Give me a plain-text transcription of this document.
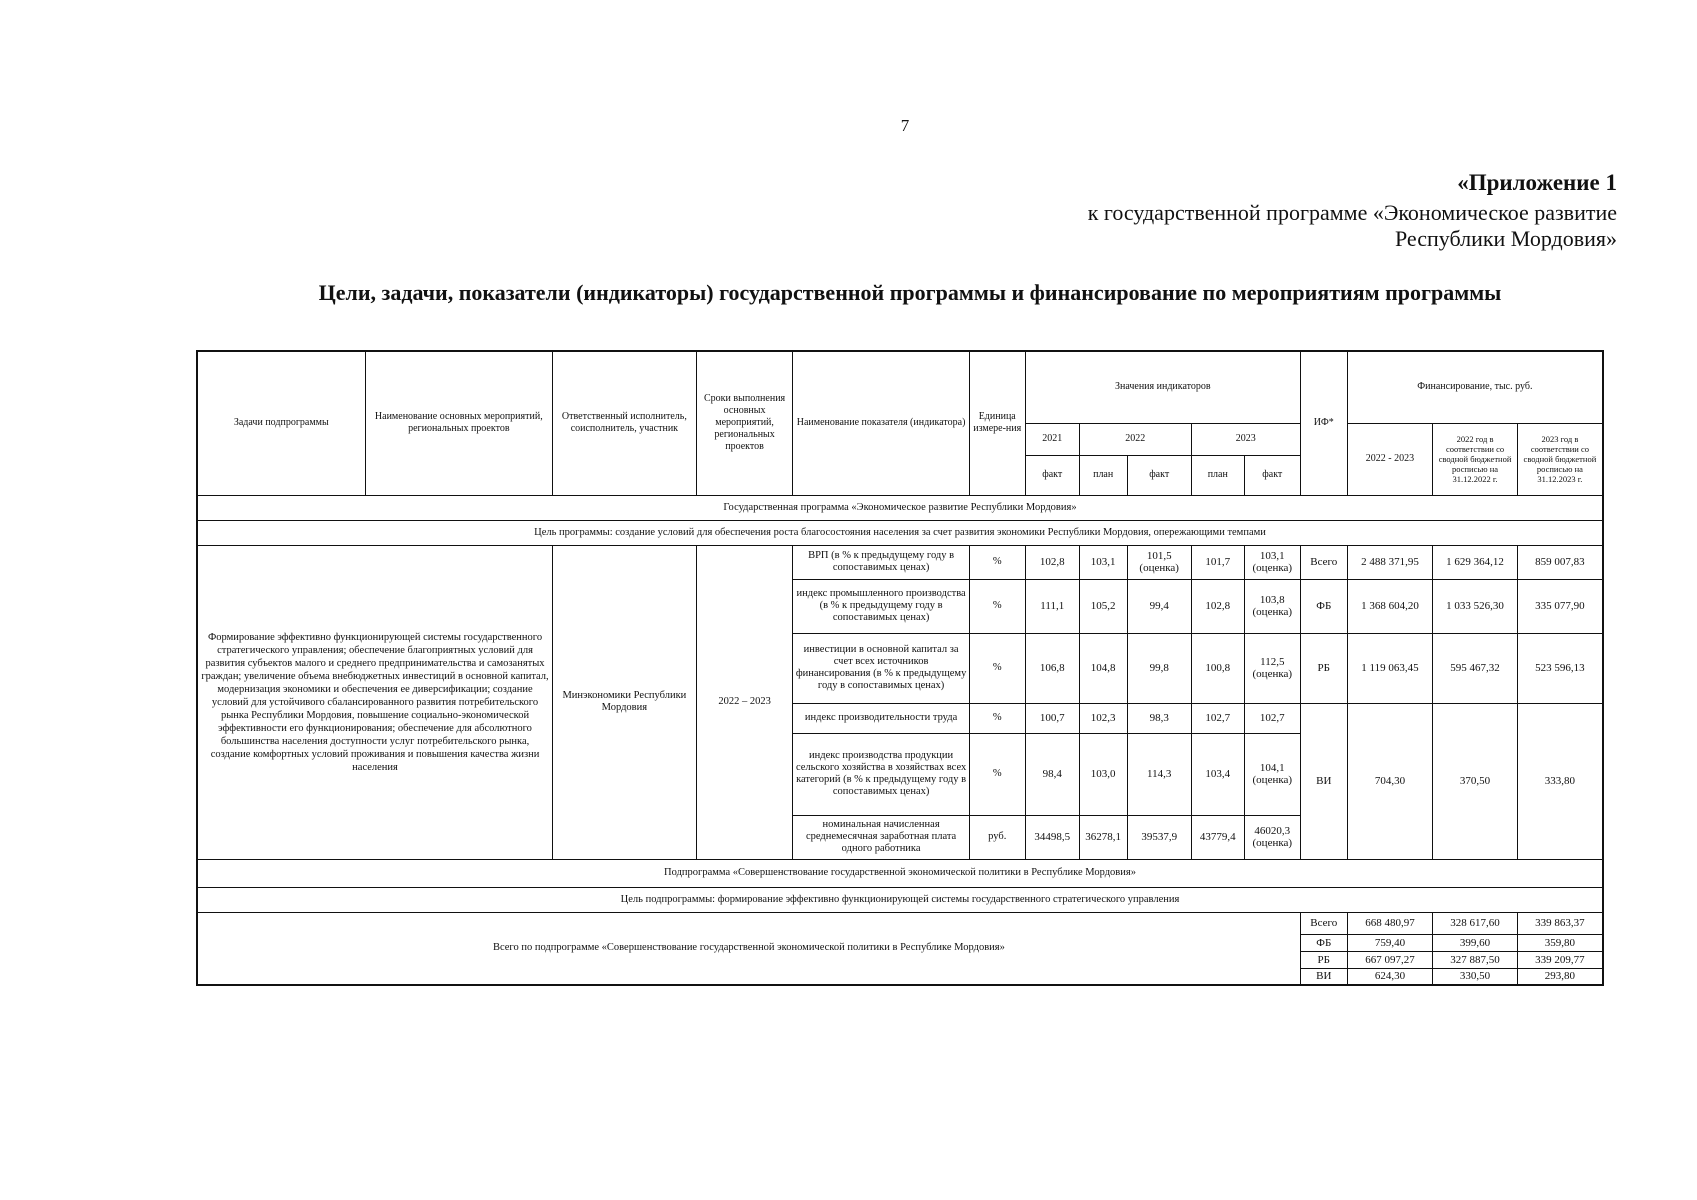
7
«Приложение 1
к государственной программе «Экономическое развитие
Республики Мордовия»
Цели, задачи, показатели (индикаторы) государственной программы и финансирование по мероприятиям программы
Задачи подпрограммы	Наименование основных мероприятий, региональных проектов	Ответственный исполнитель, соисполнитель, участник	Сроки выполнения основных мероприятий, региональных проектов	Наименование показателя (индикатора)	Единица измере-ния	Значения индикаторов					ИФ*	Финансирование, тыс. руб.		
						2021	2022		2023			2022 - 2023	2022 год в соответствии со сводной бюджетной росписью на 31.12.2022 г.	2023 год в соответствии со сводной бюджетной росписью на 31.12.2023 г.
						факт	план	факт	план	факт				
Государственная программа «Экономическое развитие Республики Мордовия»														
Цель программы: создание условий для обеспечения роста благосостояния населения за счет развития экономики Республики Мордовия, опережающими темпами														
Формирование эффективно функционирующей системы государственного стратегического управления; обеспечение благоприятных условий для развития субъектов малого и среднего предпринимательства и самозанятых граждан; увеличение объема внебюджетных инвестиций в основной капитал, модернизация экономики и обеспечения ее диверсификации; создание условий для устойчивого сбалансированного развития потребительского рынка Республики Мордовия, повышение социально-экономической эффективности его функционирования; обеспечение для абсолютного большинства населения доступности услуг потребительского рынка, создание комфортных условий проживания и повышения качества жизни населения		Минэкономики Республики Мордовия	2022 – 2023	ВРП (в % к предыдущему году в сопоставимых ценах)	%	102,8	103,1	101,5 (оценка)	101,7	103,1 (оценка)	Всего	2 488 371,95	1 629 364,12	859 007,83
				индекс промышленного производства (в % к предыдущему году в сопоставимых ценах)	%	111,1	105,2	99,4	102,8	103,8 (оценка)	ФБ	1 368 604,20	1 033 526,30	335 077,90
				инвестиции в основной капитал за счет всех источников финансирования (в % к предыдущему году в сопоставимых ценах)	%	106,8	104,8	99,8	100,8	112,5 (оценка)	РБ	1 119 063,45	595 467,32	523 596,13
				индекс производительности труда	%	100,7	102,3	98,3	102,7	102,7	ВИ	704,30	370,50	333,80
				индекс производства продукции сельского хозяйства в хозяйствах всех категорий (в % к предыдущему году в сопоставимых ценах)	%	98,4	103,0	114,3	103,4	104,1 (оценка)				
				номинальная начисленная среднемесячная заработная плата одного работника	руб.	34498,5	36278,1	39537,9	43779,4	46020,3 (оценка)				

Подпрограмма «Совершенствование государственной экономической политики в Республике Мордовия»														
Цель подпрограммы: формирование эффективно функционирующей системы государственного стратегического управления														
Всего по подпрограмме «Совершенствование государственной экономической политики в Республике Мордовия»											Всего	668 480,97	328 617,60	339 863,37
											ФБ	759,40	399,60	359,80
											РБ	667 097,27	327 887,50	339 209,77
											ВИ	624,30	330,50	293,80
